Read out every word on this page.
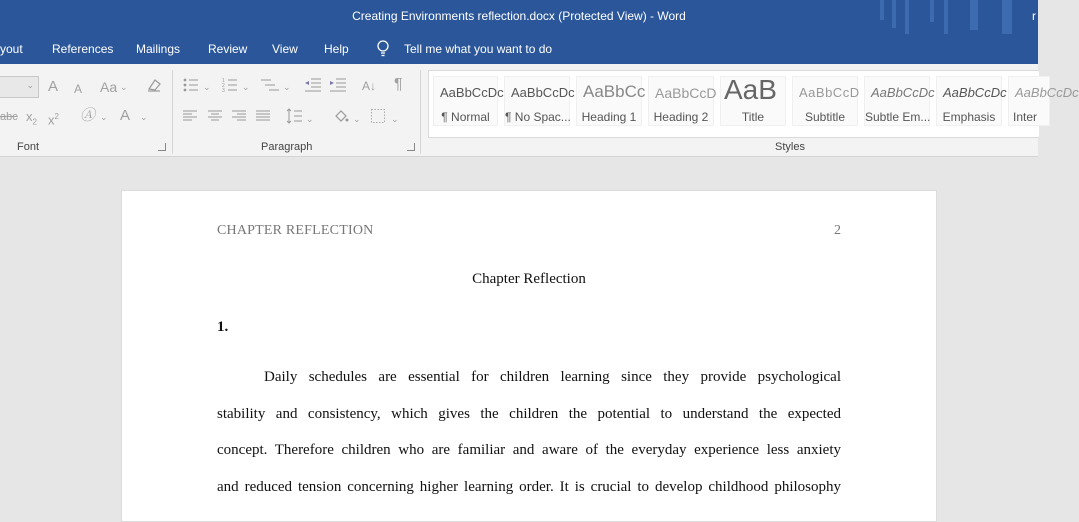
Creating Environments reflection.docx (Protected View) - Word	r
yout References Mailings Review View Help	Tell me what you want to do
⌄ A A Aa ⌄
abc $x_2$ $x^2$ Ⓐ ⌄ A ⌄
Font
⌄
1
2
3 ⌄	⌄	A↓ ¶
⌄	⌄	⌄
Paragraph
AaBbCcDc
¶ Normal
AaBbCcDc
¶ No Spac...
AaBbCc
Heading 1
AaBbCcD
Heading 2
AaB
Title
AaBbCcD
Subtitle
AaBbCcDc
Subtle Em...
AaBbCcDc
Emphasis
AaBbCcDc
Inter
Styles
CHAPTER REFLECTION	2
Chapter Reflection
1.
Daily schedules are essential for children learning since they provide psychological
stability and consistency, which gives the children the potential to understand the expected
concept. Therefore children who are familiar and aware of the everyday experience less anxiety
and reduced tension concerning higher learning order. It is crucial to develop childhood philosophy
